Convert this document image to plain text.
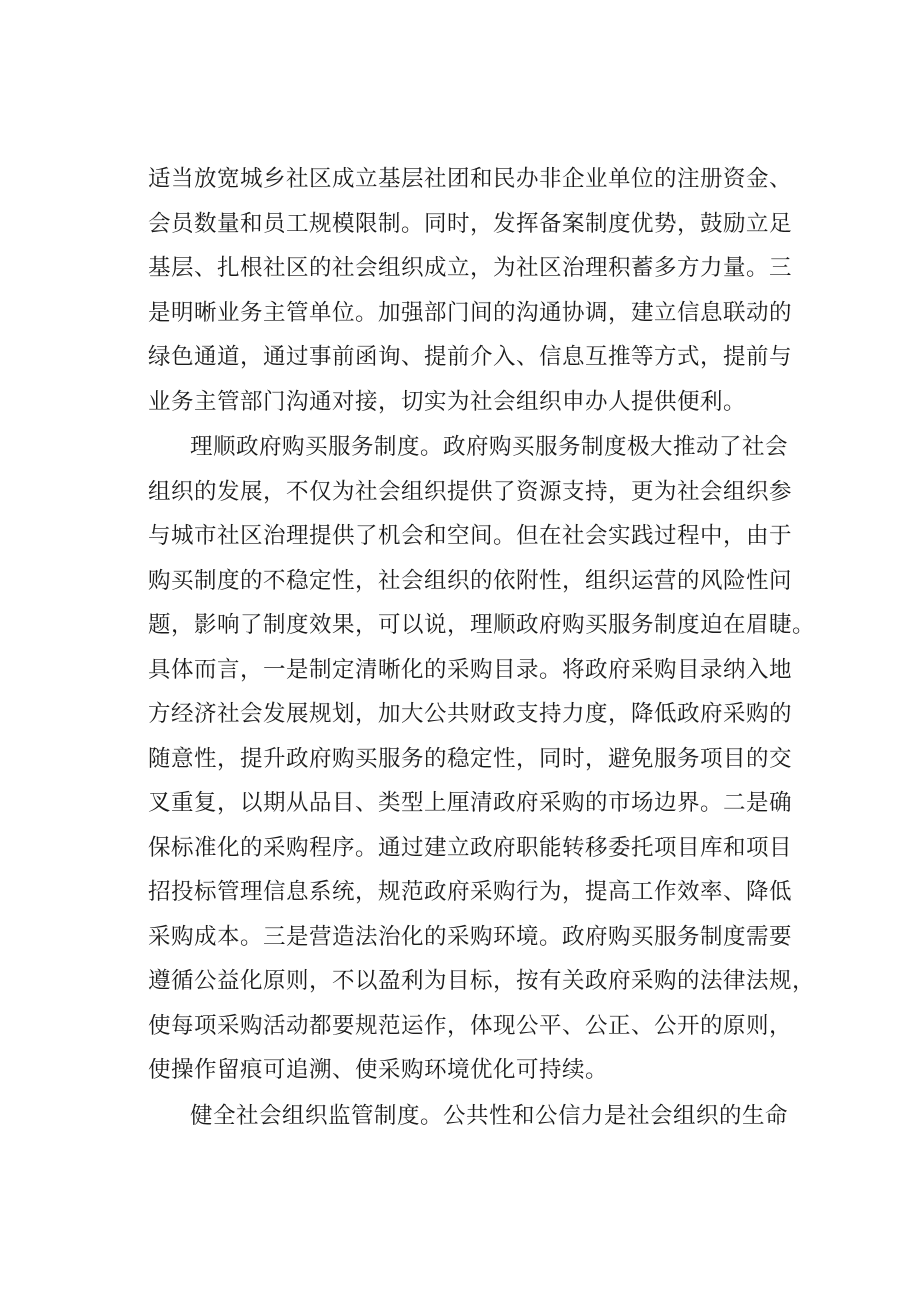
适当放宽城乡社区成立基层社团和民办非企业单位的注册资金、
会员数量和员工规模限制。同时，发挥备案制度优势，鼓励立足
基层、扎根社区的社会组织成立，为社区治理积蓄多方力量。三
是明晰业务主管单位。加强部门间的沟通协调，建立信息联动的
绿色通道，通过事前函询、提前介入、信息互推等方式，提前与
业务主管部门沟通对接，切实为社会组织申办人提供便利。
理顺政府购买服务制度。政府购买服务制度极大推动了社会
组织的发展，不仅为社会组织提供了资源支持，更为社会组织参
与城市社区治理提供了机会和空间。但在社会实践过程中，由于
购买制度的不稳定性，社会组织的依附性，组织运营的风险性问
题，影响了制度效果，可以说，理顺政府购买服务制度迫在眉睫。
具体而言，一是制定清晰化的采购目录。将政府采购目录纳入地
方经济社会发展规划，加大公共财政支持力度，降低政府采购的
随意性，提升政府购买服务的稳定性，同时，避免服务项目的交
叉重复，以期从品目、类型上厘清政府采购的市场边界。二是确
保标准化的采购程序。通过建立政府职能转移委托项目库和项目
招投标管理信息系统，规范政府采购行为，提高工作效率、降低
采购成本。三是营造法治化的采购环境。政府购买服务制度需要
遵循公益化原则，不以盈利为目标，按有关政府采购的法律法规，
使每项采购活动都要规范运作，体现公平、公正、公开的原则，
使操作留痕可追溯、使采购环境优化可持续。
健全社会组织监管制度。公共性和公信力是社会组织的生命
